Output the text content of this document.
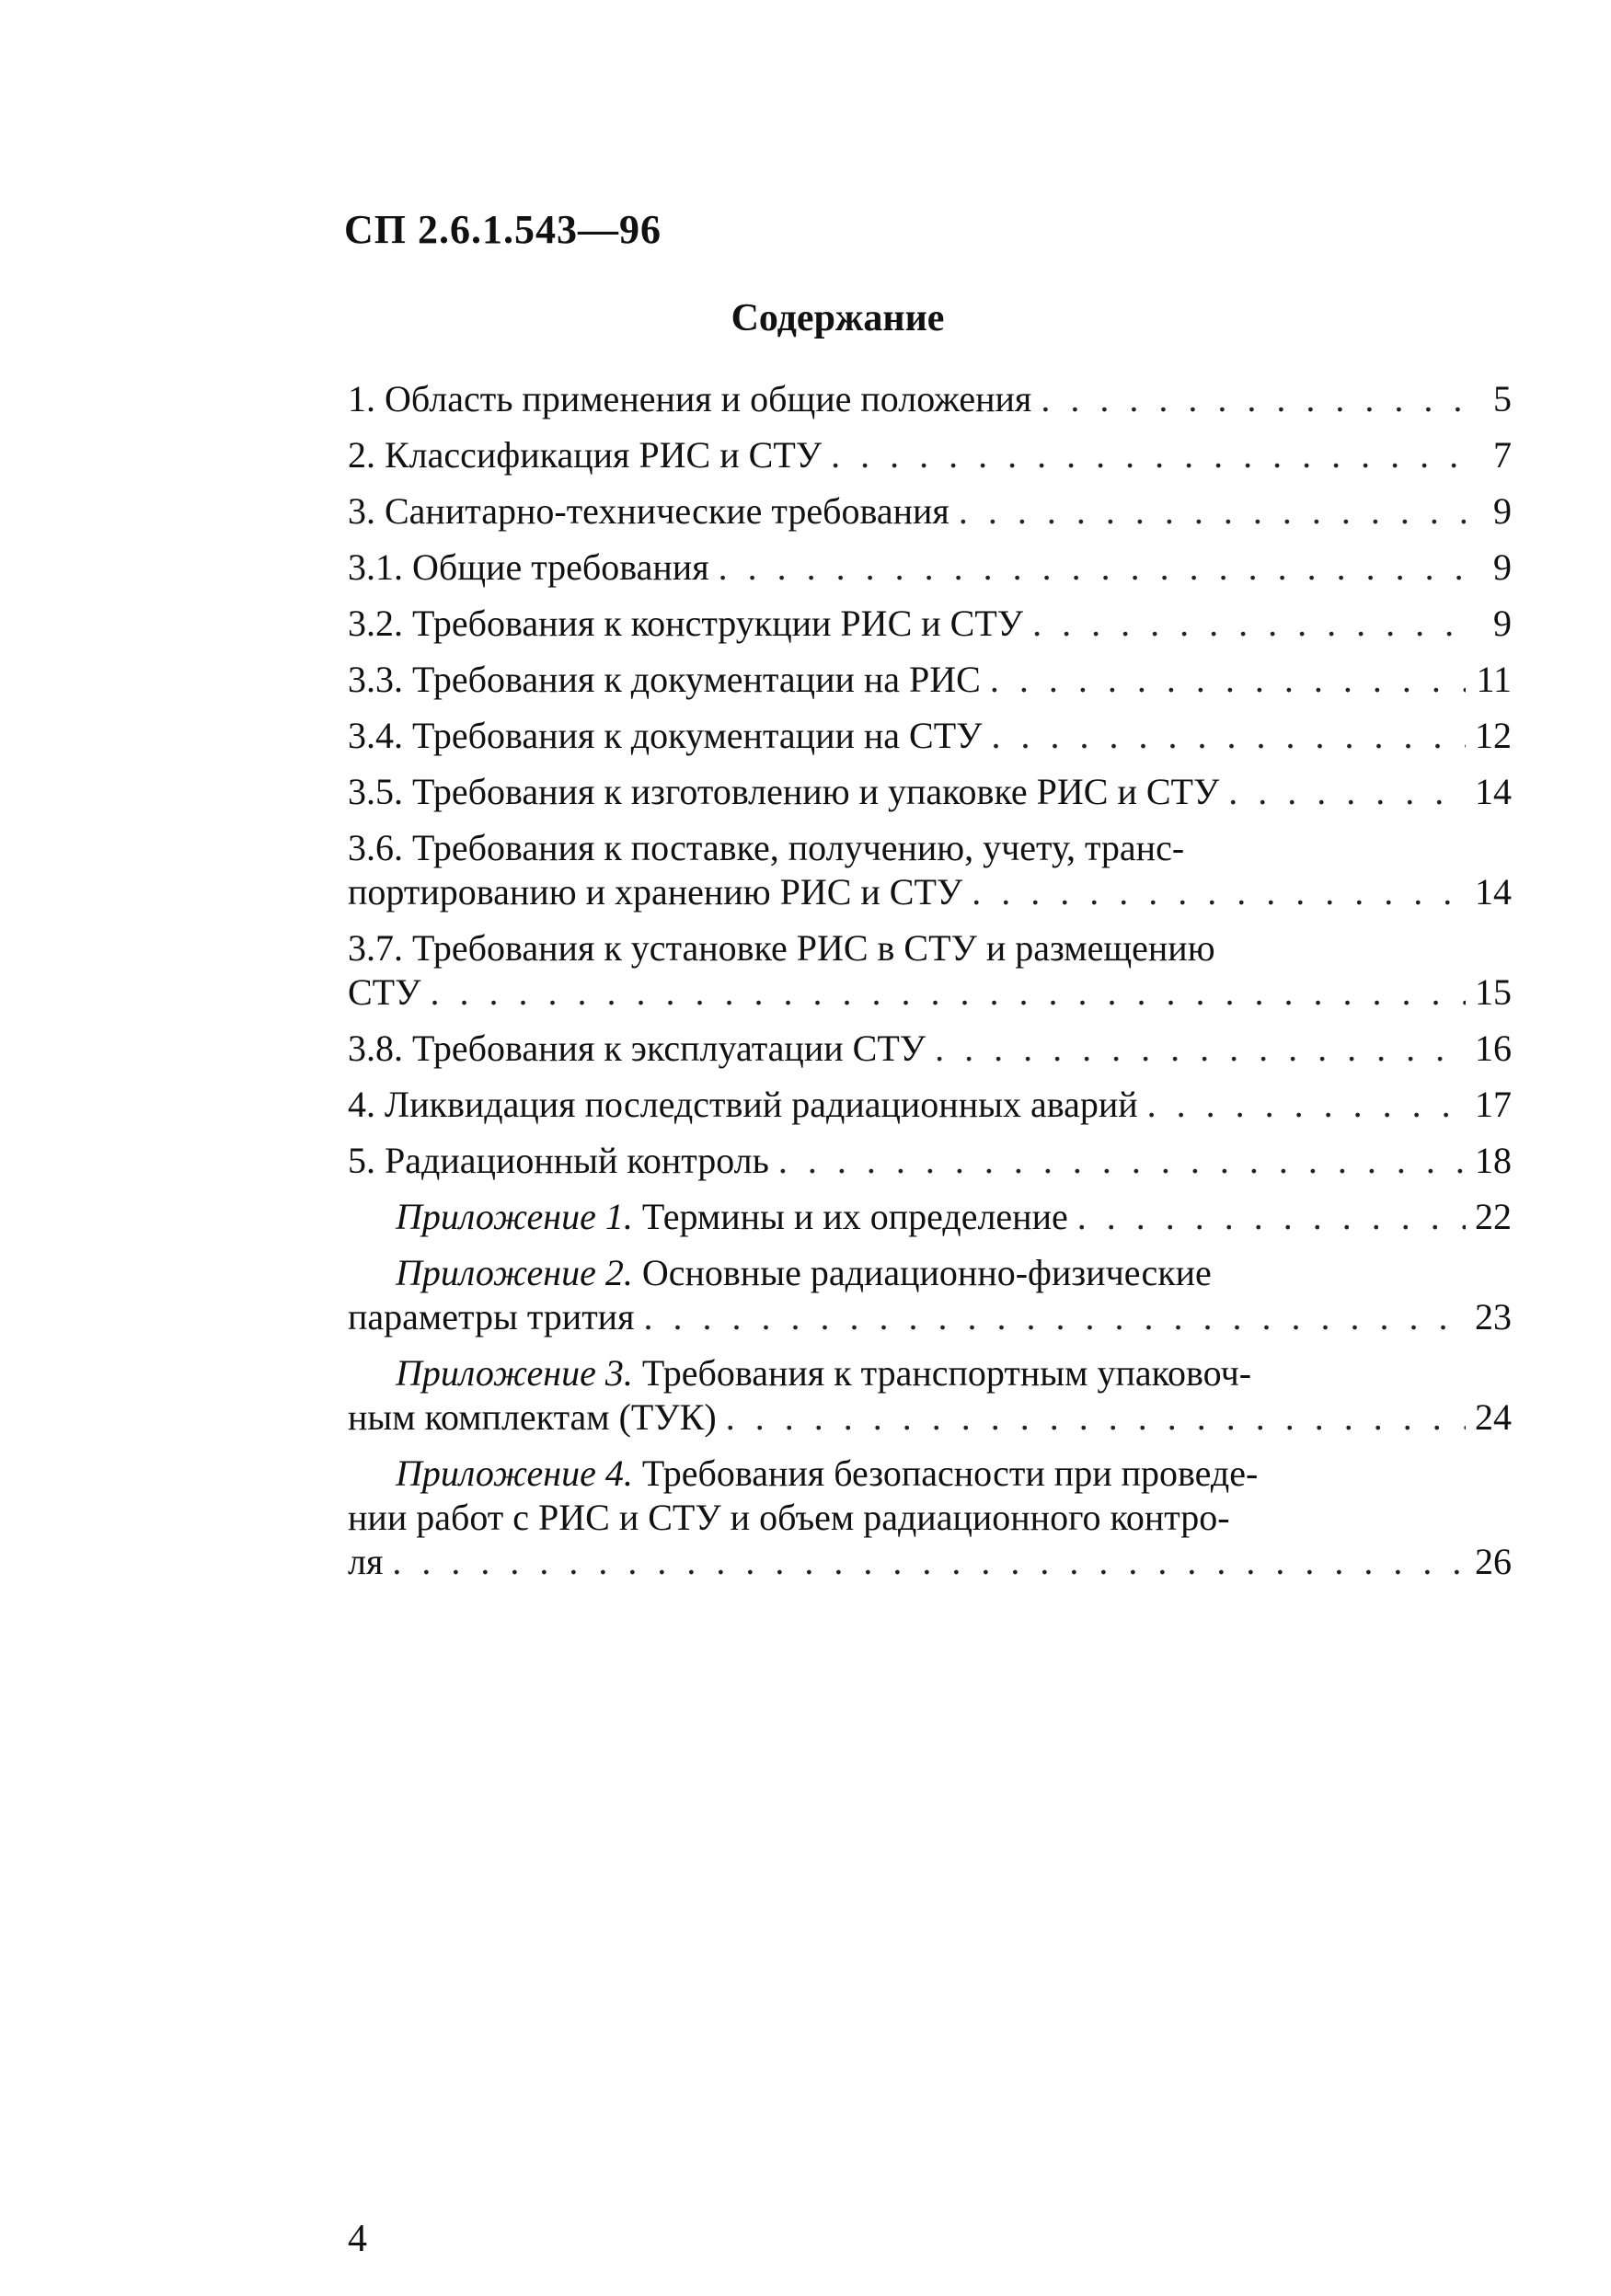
СП 2.6.1.543—96
Содержание
1. Область применения и общие положения . . .	5
2. Классификация РИС и СТУ . . .	7
3. Санитарно-технические требования . . .	9
3.1. Общие требования . . .	9
3.2. Требования к конструкции РИС и СТУ . . .	9
3.3. Требования к документации на РИС . . .	11
3.4. Требования к документации на СТУ . . .	12
3.5. Требования к изготовлению и упаковке РИС и СТУ . . .	14
3.6. Требования к поставке, получению, учету, транс-
портированию и хранению РИС и СТУ . . .	14
3.7. Требования к установке РИС в СТУ и размещению
СТУ . . .	15
3.8. Требования к эксплуатации СТУ . . .	16
4. Ликвидация последствий радиационных аварий . . .	17
5. Радиационный контроль . . .	18
Приложение 1. Термины и их определение . . .	22
Приложение 2. Основные радиационно-физические
параметры трития . . .	23
Приложение 3. Требования к транспортным упаковоч-
ным комплектам (ТУК) . . .	24
Приложение 4. Требования безопасности при проведе-
нии работ с РИС и СТУ и объем радиационного контро-
ля . . .	26
4
